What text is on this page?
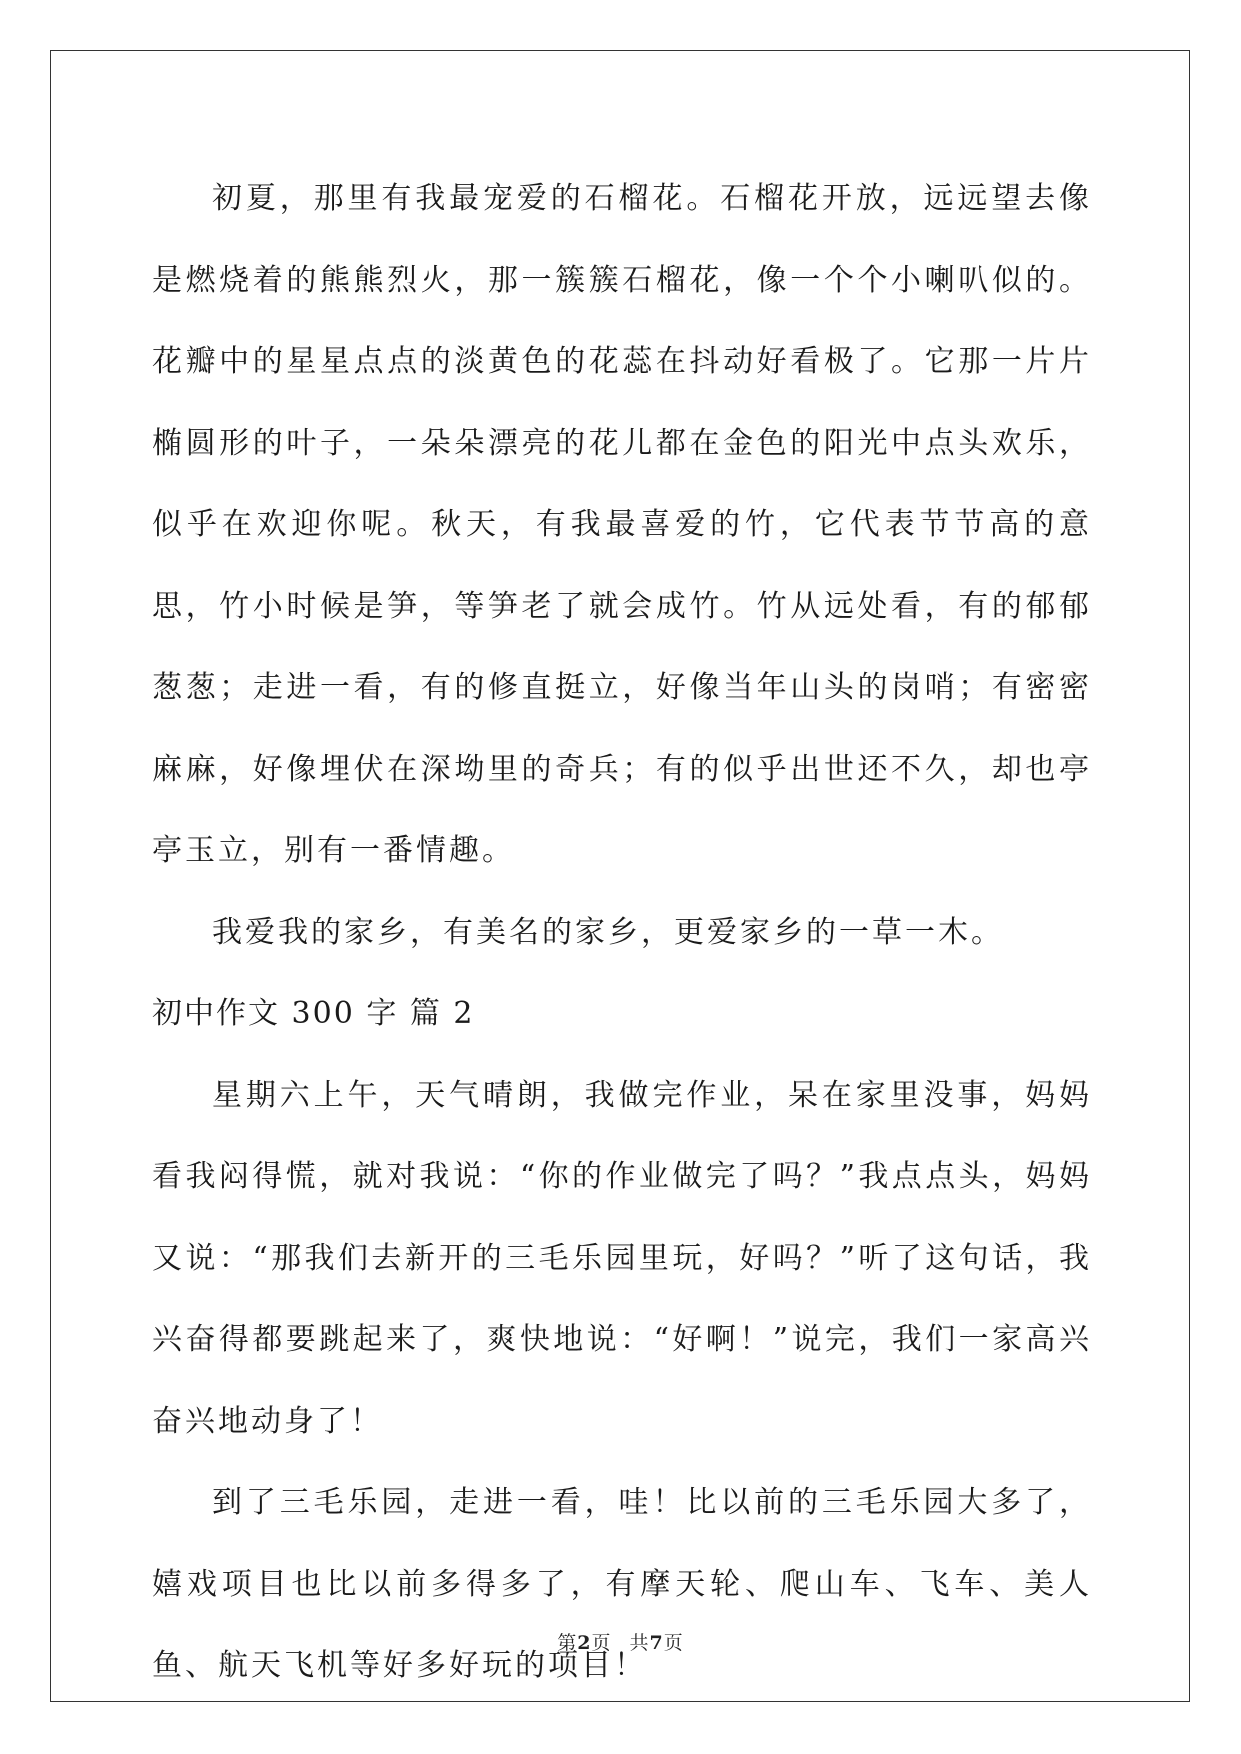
初夏，那里有我最宠爱的石榴花。石榴花开放，远远望去像是燃烧着的熊熊烈火，那一簇簇石榴花，像一个个小喇叭似的。花瓣中的星星点点的淡黄色的花蕊在抖动好看极了。它那一片片椭圆形的叶子，一朵朵漂亮的花儿都在金色的阳光中点头欢乐，似乎在欢迎你呢。秋天，有我最喜爱的竹，它代表节节高的意思，竹小时候是笋，等笋老了就会成竹。竹从远处看，有的郁郁葱葱；走进一看，有的修直挺立，好像当年山头的岗哨；有密密麻麻，好像埋伏在深坳里的奇兵；有的似乎出世还不久，却也亭亭玉立，别有一番情趣。

我爱我的家乡，有美名的家乡，更爱家乡的一草一木。

初中作文 300 字 篇 2

星期六上午，天气晴朗，我做完作业，呆在家里没事，妈妈看我闷得慌，就对我说：“你的作业做完了吗？”我点点头，妈妈又说：“那我们去新开的三毛乐园里玩，好吗？”听了这句话，我兴奋得都要跳起来了，爽快地说：“好啊！”说完，我们一家高兴奋兴地动身了！

到了三毛乐园，走进一看，哇！比以前的三毛乐园大多了，嬉戏项目也比以前多得多了，有摩天轮、爬山车、飞车、美人鱼、航天飞机等好多好玩的项目！

第2页 共7页
